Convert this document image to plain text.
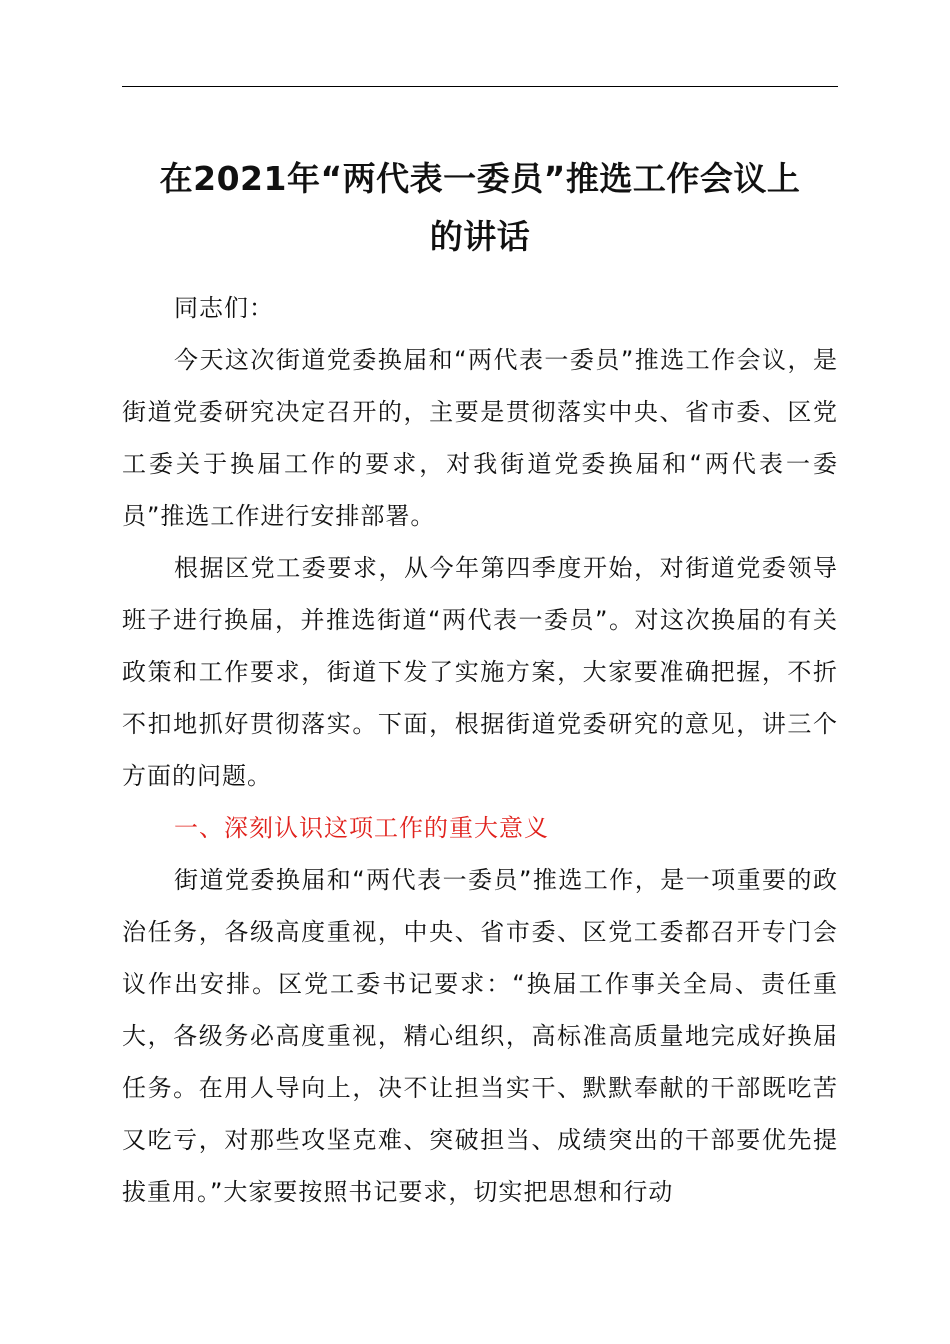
在2021年“两代表一委员”推选工作会议上
的讲话

同志们：

今天这次街道党委换届和“两代表一委员”推选工作会议，是街道党委研究决定召开的，主要是贯彻落实中央、省市委、区党工委关于换届工作的要求，对我街道党委换届和“两代表一委员”推选工作进行安排部署。

根据区党工委要求，从今年第四季度开始，对街道党委领导班子进行换届，并推选街道“两代表一委员”。对这次换届的有关政策和工作要求，街道下发了实施方案，大家要准确把握，不折不扣地抓好贯彻落实。下面，根据街道党委研究的意见，讲三个方面的问题。

一、深刻认识这项工作的重大意义

街道党委换届和“两代表一委员”推选工作，是一项重要的政治任务，各级高度重视，中央、省市委、区党工委都召开专门会议作出安排。区党工委书记要求：“换届工作事关全局、责任重大，各级务必高度重视，精心组织，高标准高质量地完成好换届任务。在用人导向上，决不让担当实干、默默奉献的干部既吃苦又吃亏，对那些攻坚克难、突破担当、成绩突出的干部要优先提拔重用。”大家要按照书记要求，切实把思想和行动
